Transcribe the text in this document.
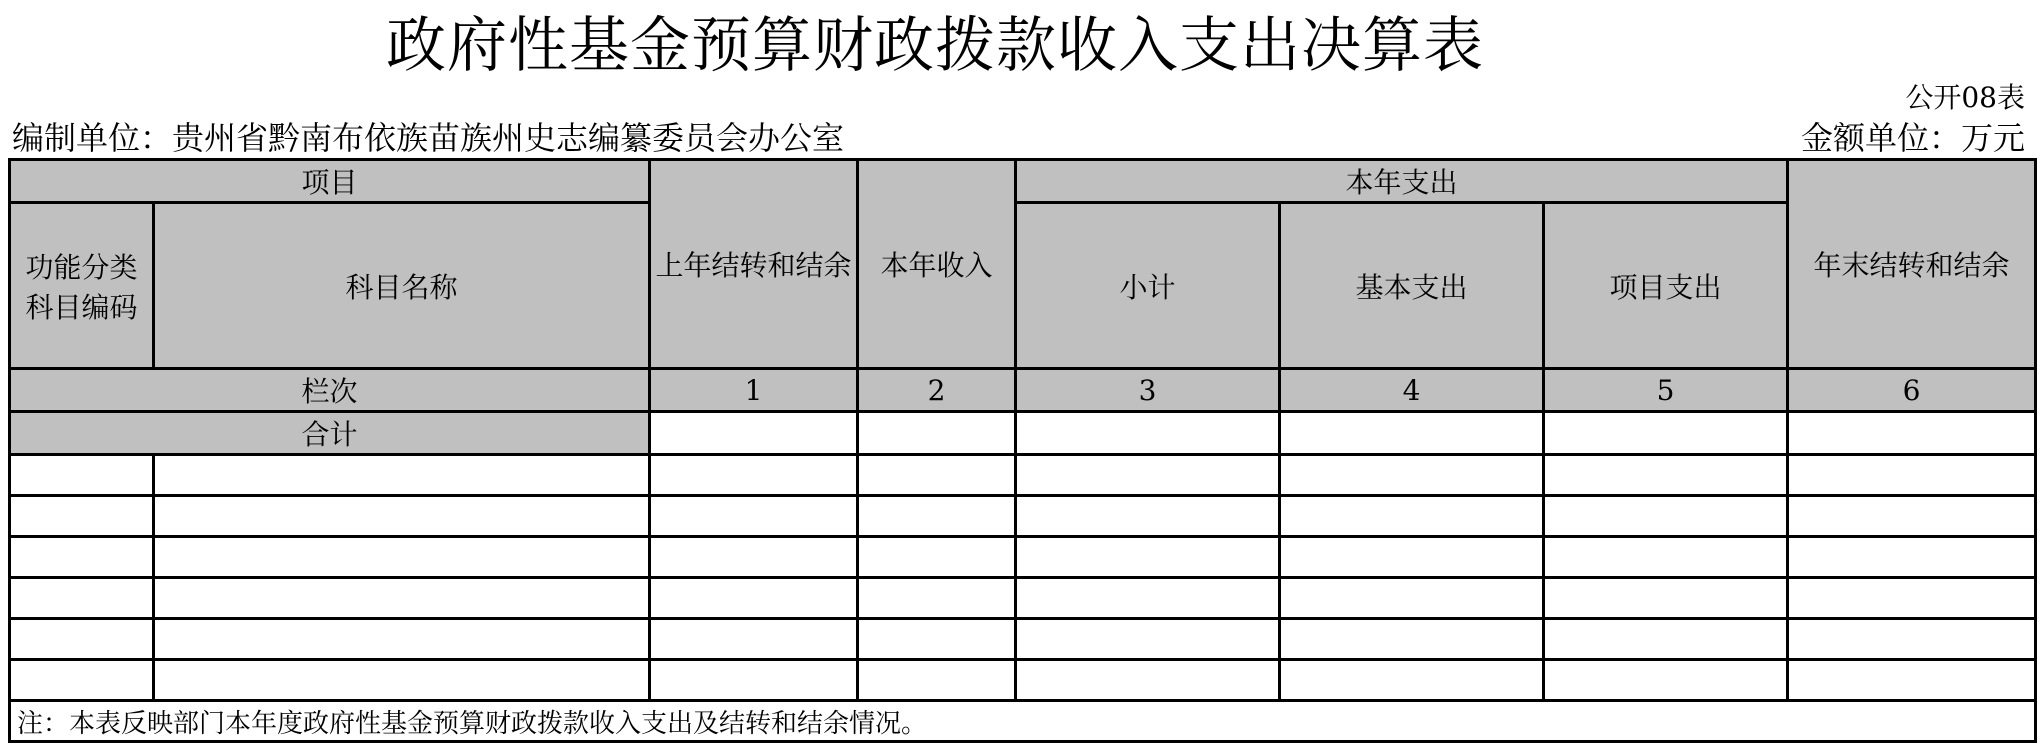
政府性基金预算财政拨款收入支出决算表
公开08表
编制单位：贵州省黔南布依族苗族州史志编纂委员会办公室	金额单位：万元
项目		上年结转和结余	本年收入	本年支出			年末结转和结余
功能分类科目编码	科目名称			小计	基本支出	项目支出	

栏次		1	2	3	4	5	6
合计							

注：本表反映部门本年度政府性基金预算财政拨款收入支出及结转和结余情况。							
